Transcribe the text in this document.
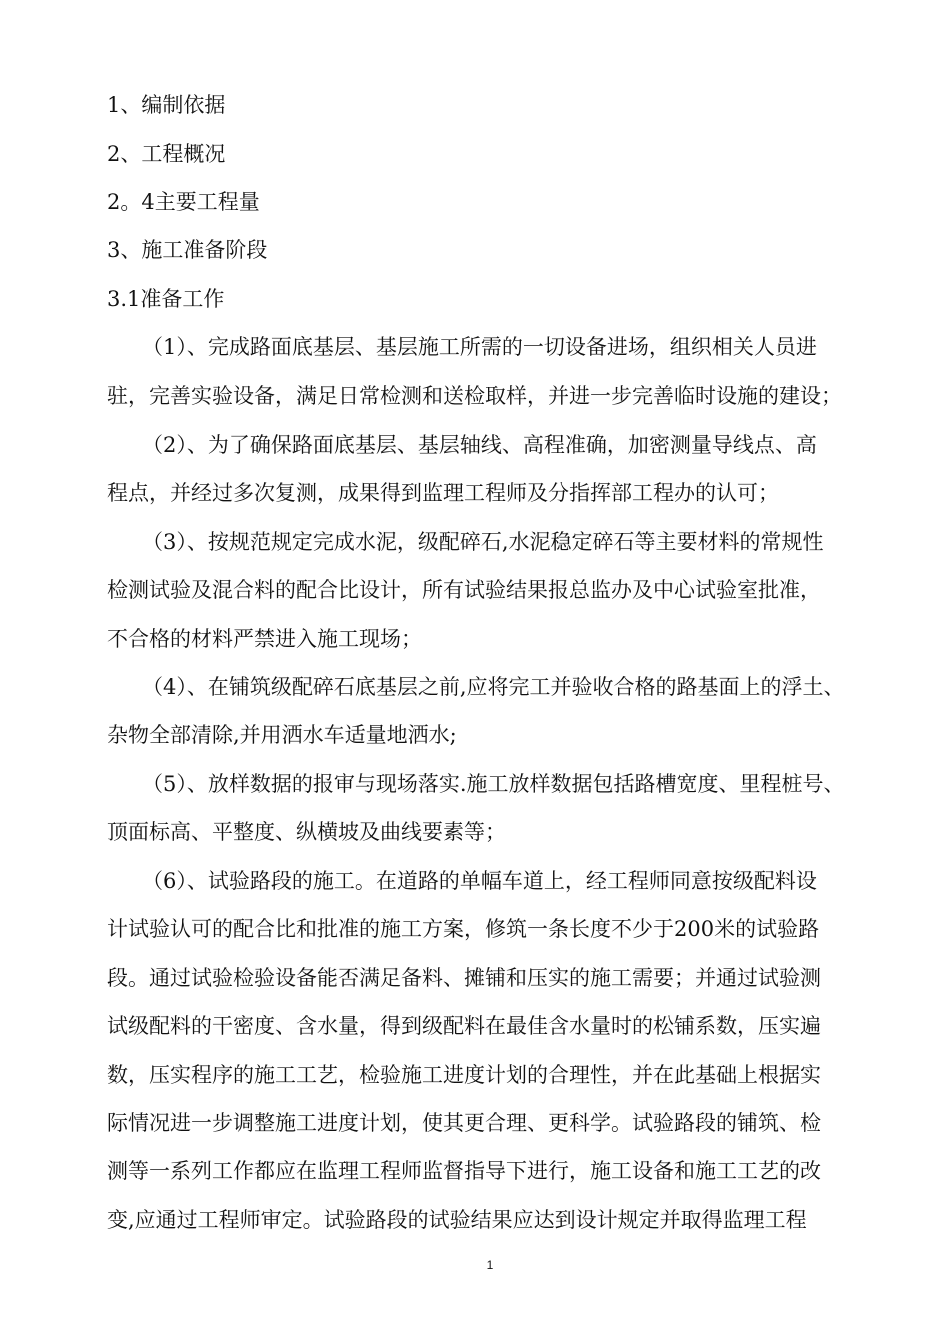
1、编制依据
2、工程概况
2。4主要工程量
3、施工准备阶段
3.1准备工作
（1）、完成路面底基层、基层施工所需的一切设备进场，组织相关人员进
驻，完善实验设备，满足日常检测和送检取样，并进一步完善临时设施的建设；
（2）、为了确保路面底基层、基层轴线、高程准确，加密测量导线点、高
程点，并经过多次复测，成果得到监理工程师及分指挥部工程办的认可；
（3）、按规范规定完成水泥，级配碎石,水泥稳定碎石等主要材料的常规性
检测试验及混合料的配合比设计，所有试验结果报总监办及中心试验室批准，
不合格的材料严禁进入施工现场；
（4）、在铺筑级配碎石底基层之前,应将完工并验收合格的路基面上的浮土、
杂物全部清除,并用洒水车适量地洒水;
（5）、放样数据的报审与现场落实.施工放样数据包括路槽宽度、里程桩号、
顶面标高、平整度、纵横坡及曲线要素等；
（6）、试验路段的施工。在道路的单幅车道上，经工程师同意按级配料设
计试验认可的配合比和批准的施工方案，修筑一条长度不少于200米的试验路
段。通过试验检验设备能否满足备料、摊铺和压实的施工需要；并通过试验测
试级配料的干密度、含水量，得到级配料在最佳含水量时的松铺系数，压实遍
数，压实程序的施工工艺，检验施工进度计划的合理性，并在此基础上根据实
际情况进一步调整施工进度计划，使其更合理、更科学。试验路段的铺筑、检
测等一系列工作都应在监理工程师监督指导下进行，施工设备和施工工艺的改
变,应通过工程师审定。试验路段的试验结果应达到设计规定并取得监理工程
1
